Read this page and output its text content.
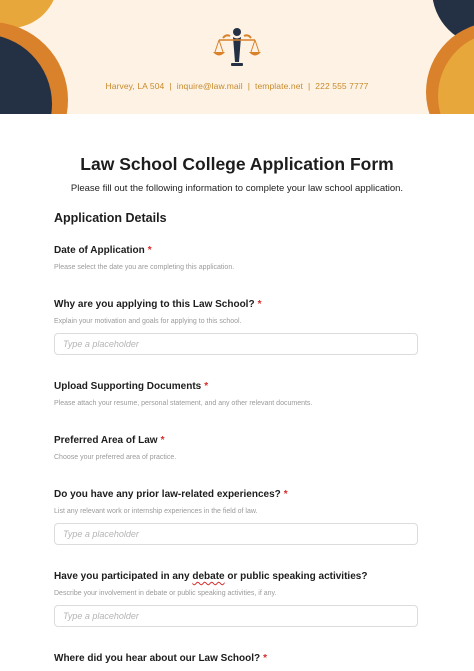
Harvey, LA 504 | inquire@law.mail | template.net | 222 555 7777
Law School College Application Form
Please fill out the following information to complete your law school application.
Application Details
Date of Application *
Please select the date you are completing this application.
Why are you applying to this Law School? *
Explain your motivation and goals for applying to this school.
Type a placeholder
Upload Supporting Documents *
Please attach your resume, personal statement, and any other relevant documents.
Preferred Area of Law *
Choose your preferred area of practice.
Do you have any prior law-related experiences? *
List any relevant work or internship experiences in the field of law.
Type a placeholder
Have you participated in any debate or public speaking activities?
Describe your involvement in debate or public speaking activities, if any.
Type a placeholder
Where did you hear about our Law School? *
